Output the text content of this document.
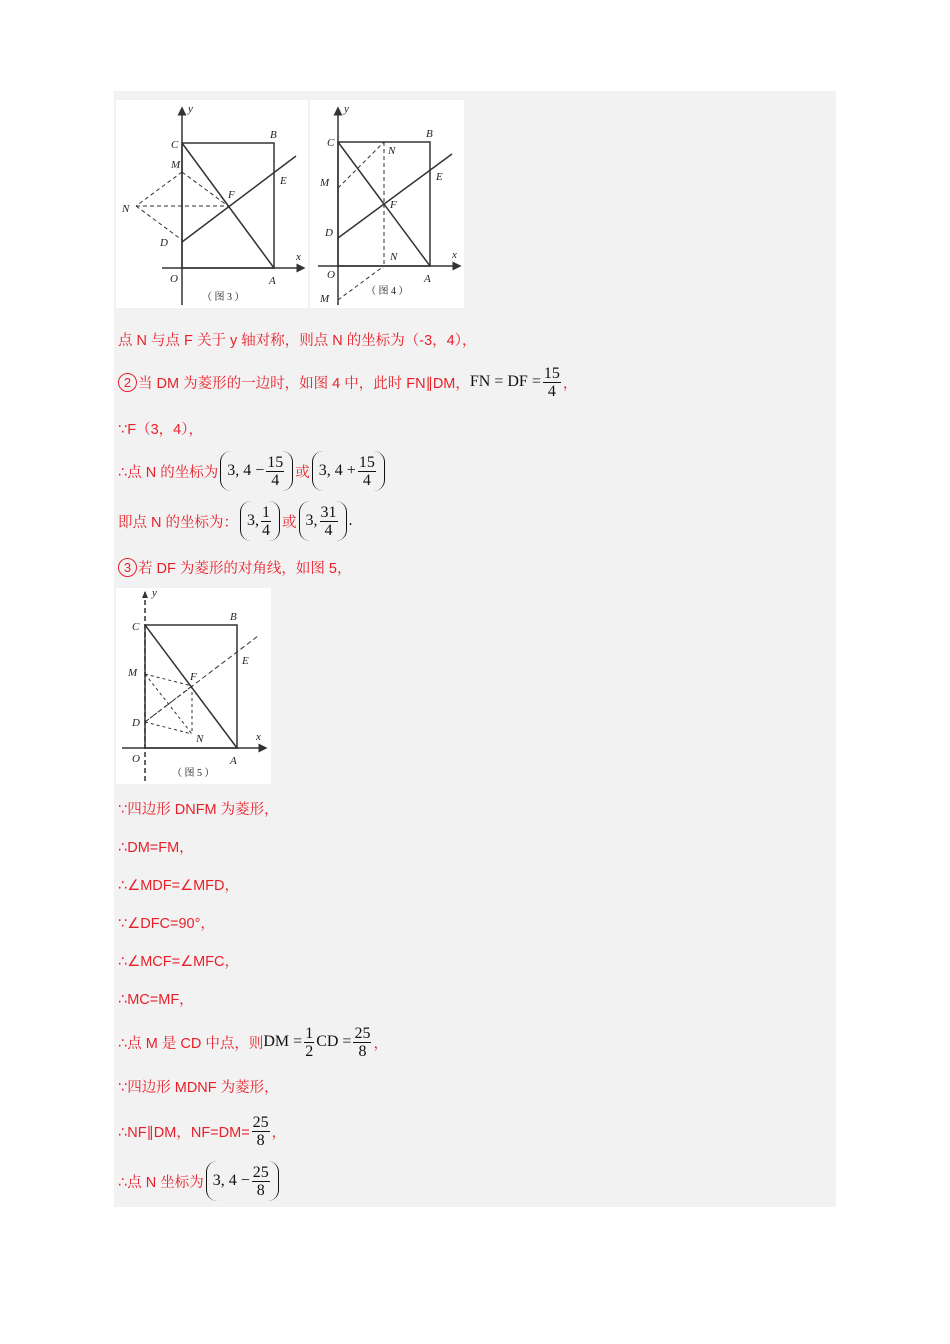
y
x
C
B
M
E
F
N
D
O	A
（ 图 3 ）
y
x
C
B
N
M	E
F
D
N
O	A
M
（ 图 4 ）
点 N 与点 F 关于 y 轴对称，则点 N 的坐标为（-3，4），
2 当 DM 为菱形的一边时，如图 4 中，此时 FN∥DM， FN = DF = $\frac{15}{4}$ ，
∵F（3，4），
∴点 N 的坐标为 3, $4 - \frac{15}{4}$ 或 3, $4 + \frac{15}{4}$
即点 N 的坐标为： 3, $\frac{1}{4}$ 或 3, $\frac{31}{4}$ .
3 若 DF 为菱形的对角线，如图 5，
y
x
C
B
E
M	F
D
N
O	A
（ 图 5 ）
∵四边形 DNFM 为菱形，
∴DM=FM，
∴∠MDF=∠MFD，
∵∠DFC=90°，
∴∠MCF=∠MFC，
∴MC=MF，
∴点 M 是 CD 中点，则 DM = $\frac{1}{2}$ CD = $\frac{25}{8}$ ，
∵四边形 MDNF 为菱形，
∴NF∥DM，$NF=DM= \frac{25}{8}$ ，
∴点 N 坐标为 3, $4 - \frac{25}{8}$
